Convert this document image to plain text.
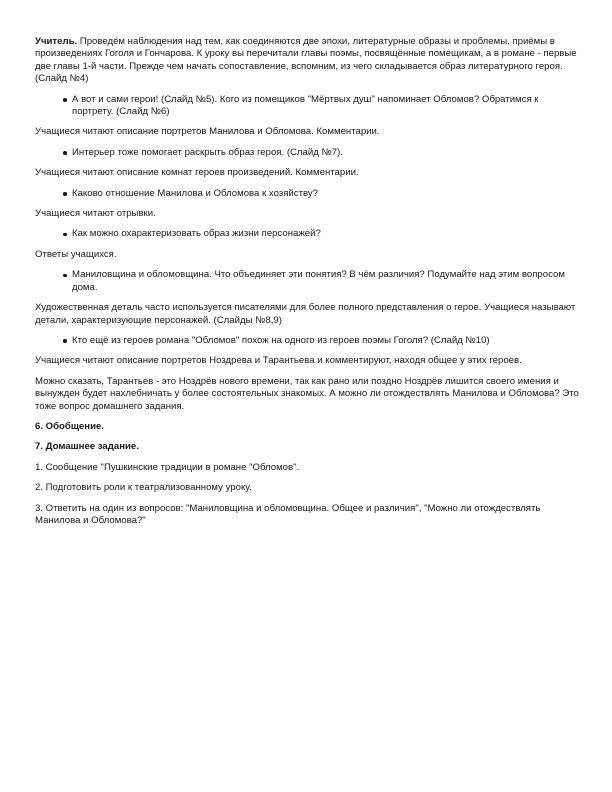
Учитель. Проведём наблюдения над тем, как соединяются две эпохи, литературные образы и проблемы, приёмы в произведениях Гоголя и Гончарова. К уроку вы перечитали главы поэмы, посвящённые помещикам, а в романе - первые две главы 1-й части. Прежде чем начать сопоставление, вспомним, из чего складывается образ литературного героя. (Слайд №4)

А вот и сами герои! (Слайд №5). Кого из помещиков "Мёртвых душ" напоминает Обломов? Обратимся к портрету. (Слайд №6)

Учащиеся читают описание портретов Манилова и Обломова. Комментарии.

Интерьер тоже помогает раскрыть образ героя. (Слайд №7).

Учащиеся читают описание комнат героев произведений. Комментарии.

Каково отношение Манилова и Обломова к хозяйству?

Учащиеся читают отрывки.

Как можно охарактеризовать образ жизни персонажей?

Ответы учащихся.

Маниловщина и обломовщина. Что объединяет эти понятия? В чём различия? Подумайте над этим вопросом дома.

Художественная деталь часто используется писателями для более полного представления о герое. Учащиеся называют детали, характеризующие персонажей. (Слайды №8,9)

Кто ещё из героев романа "Обломов" похож на одного из героев поэмы Гоголя? (Слайд №10)

Учащиеся читают описание портретов Ноздрева и Тарантьева и комментируют, находя общее у этих героев.

Можно сказать, Тарантьев - это Ноздрёв нового времени, так как рано или поздно Ноздрёв лишится своего имения и вынужден будет нахлебничать у более состоятельных знакомых. А можно ли отождествлять Манилова и Обломова? Это тоже вопрос домашнего задания.

6. Обобщение.

7. Домашнее задание.

1. Сообщение "Пушкинские традиции в романе "Обломов".

2. Подготовить роли к театрализованному уроку.

3. Ответить на один из вопросов: "Маниловщина и обломовщина. Общее и различия", "Можно ли отождествлять Манилова и Обломова?"
